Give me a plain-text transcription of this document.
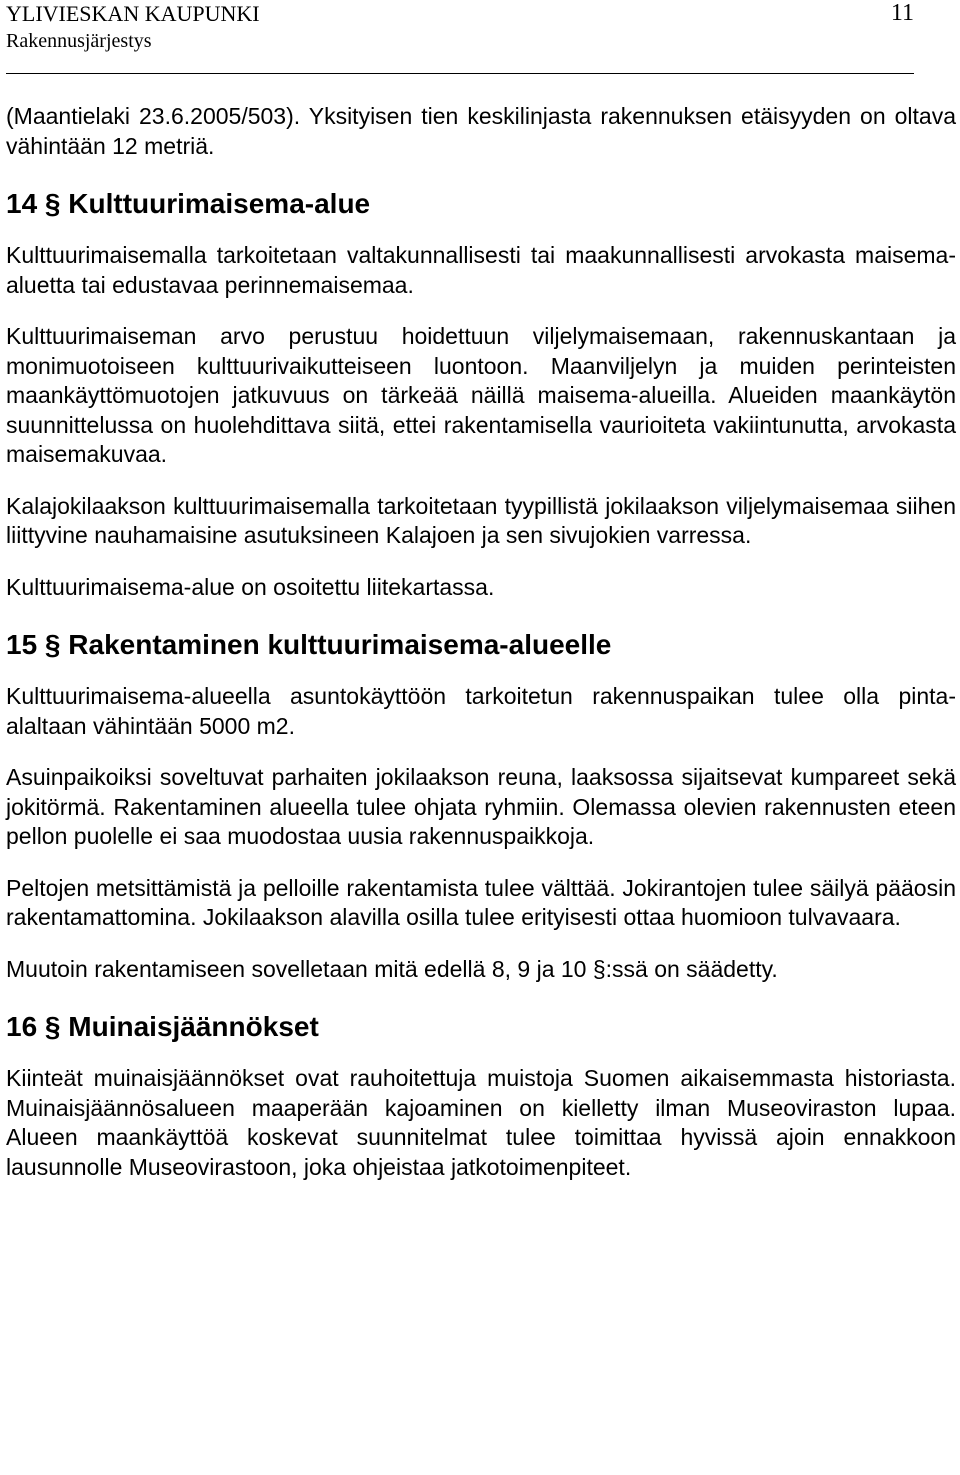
YLIVIESKAN KAUPUNKI
Rakennusjärjestys
11

(Maantielaki 23.6.2005/503). Yksityisen tien keskilinjasta rakennuksen etäisyyden on oltava vähintään 12 metriä.

14 § Kulttuurimaisema-alue

Kulttuurimaisemalla tarkoitetaan valtakunnallisesti tai maakunnallisesti arvokasta maisema-aluetta tai edustavaa perinnemaisemaa.

Kulttuurimaiseman arvo perustuu hoidettuun viljelymaisemaan, rakennuskantaan ja monimuotoiseen kulttuurivaikutteiseen luontoon. Maanviljelyn ja muiden perinteisten maankäyttömuotojen jatkuvuus on tärkeää näillä maisema-alueilla. Alueiden maankäytön suunnittelussa on huolehdittava siitä, ettei rakentamisella vaurioiteta vakiintunutta, arvokasta maisemakuvaa.

Kalajokilaakson kulttuurimaisemalla tarkoitetaan tyypillistä jokilaakson viljelymaisemaa siihen liittyvine nauhamaisine asutuksineen Kalajoen ja sen sivujokien varressa.

Kulttuurimaisema-alue on osoitettu liitekartassa.

15 § Rakentaminen kulttuurimaisema-alueelle

Kulttuurimaisema-alueella asuntokäyttöön tarkoitetun rakennuspaikan tulee olla pinta-alaltaan vähintään 5000 m2.

Asuinpaikoiksi soveltuvat parhaiten jokilaakson reuna, laaksossa sijaitsevat kumpareet sekä jokitörmä. Rakentaminen alueella tulee ohjata ryhmiin. Olemassa olevien rakennusten eteen pellon puolelle ei saa muodostaa uusia rakennuspaikkoja.

Peltojen metsittämistä ja pelloille rakentamista tulee välttää. Jokirantojen tulee säilyä pääosin rakentamattomina. Jokilaakson alavilla osilla tulee erityisesti ottaa huomioon tulvavaara.

Muutoin rakentamiseen sovelletaan mitä edellä 8, 9 ja 10 §:ssä on säädetty.

16 § Muinaisjäännökset

Kiinteät muinaisjäännökset ovat rauhoitettuja muistoja Suomen aikaisemmasta historiasta. Muinaisjäännösalueen maaperään kajoaminen on kielletty ilman Museoviraston lupaa. Alueen maankäyttöä koskevat suunnitelmat tulee toimittaa hyvissä ajoin ennakkoon lausunnolle Museovirastoon, joka ohjeistaa jatkotoimenpiteet.
